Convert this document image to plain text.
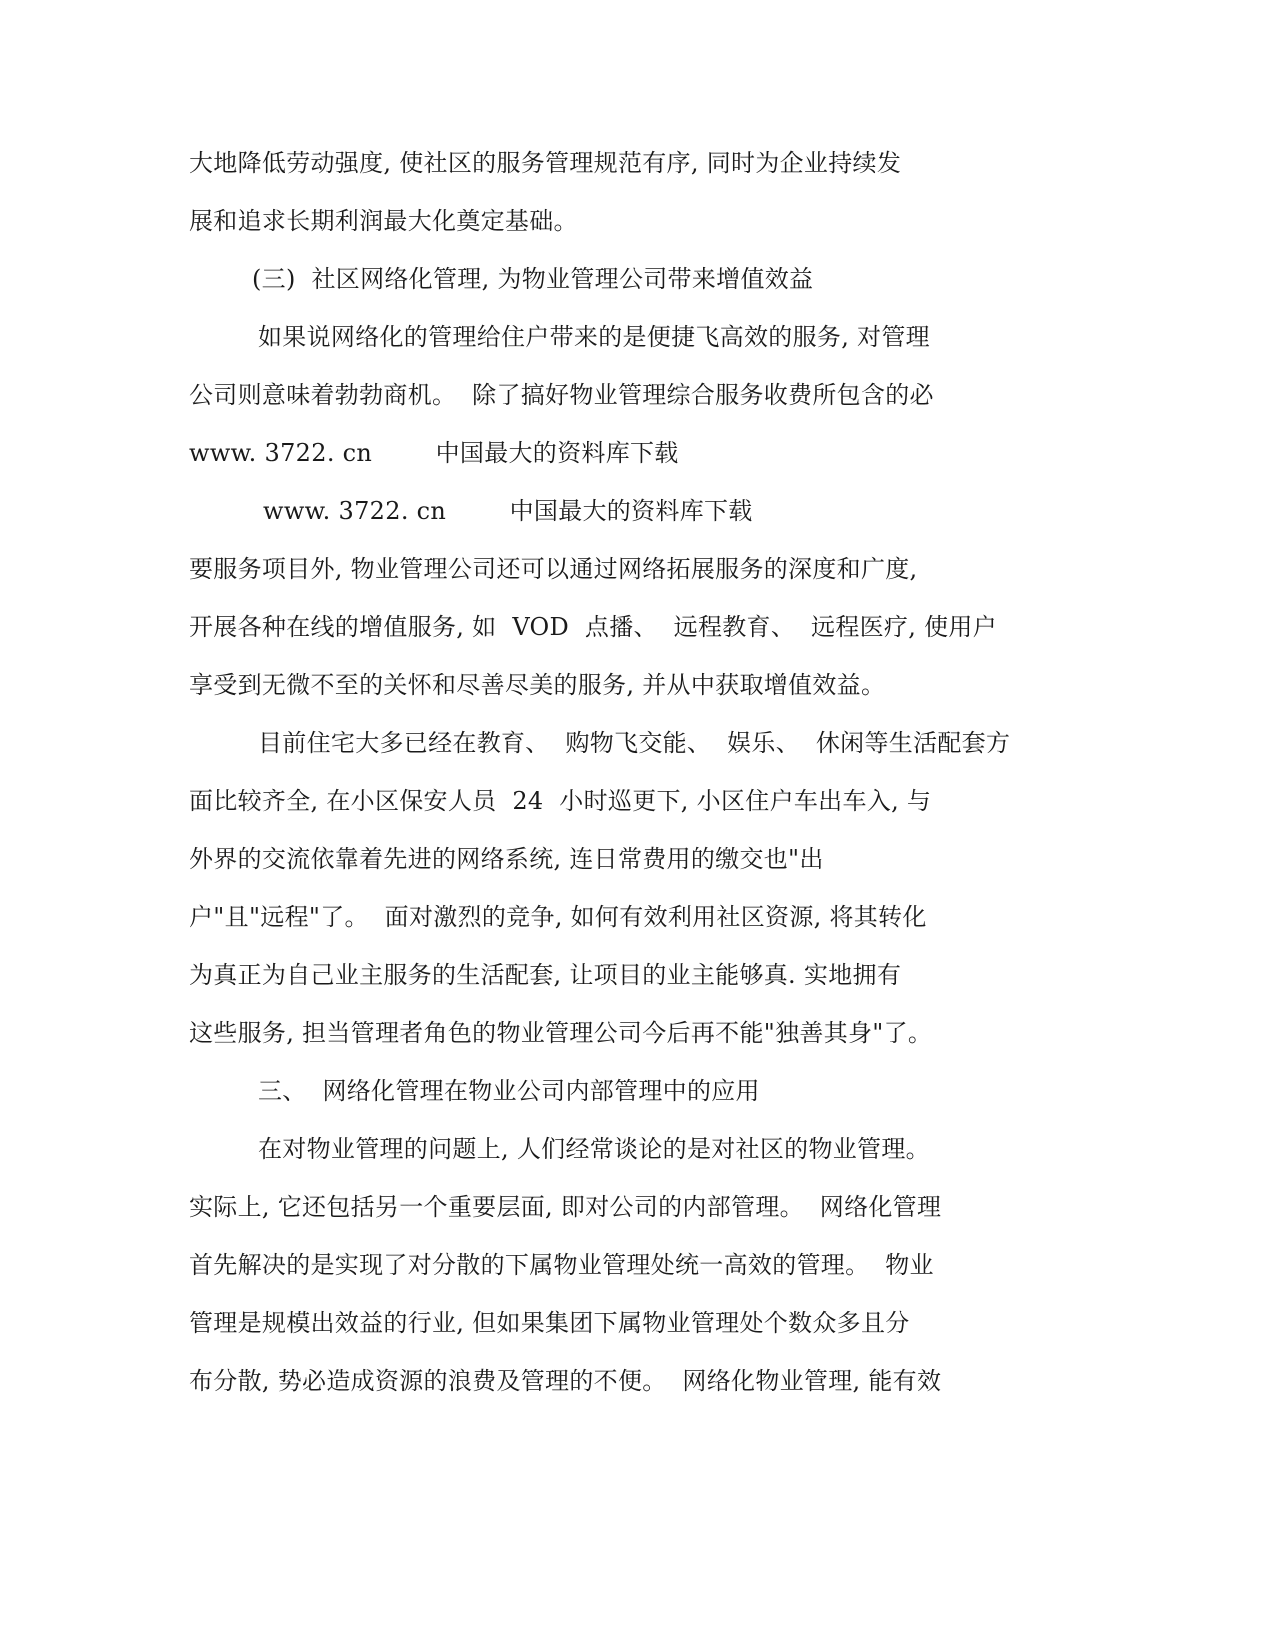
大地降低劳动强度, 使社区的服务管理规范有序, 同时为企业持续发
展和追求长期利润最大化奠定基础。
(三)  社区网络化管理, 为物业管理公司带来增值效益
如果说网络化的管理给住户带来的是便捷飞高效的服务, 对管理
公司则意味着勃勃商机。  除了搞好物业管理综合服务收费所包含的必
www. 3722. cn        中国最大的资料库下载
www. 3722. cn        中国最大的资料库下载
要服务项目外, 物业管理公司还可以通过网络拓展服务的深度和广度,
开展各种在线的增值服务, 如  VOD  点播、  远程教育、  远程医疗, 使用户
享受到无微不至的关怀和尽善尽美的服务, 并从中获取增值效益。
目前住宅大多已经在教育、  购物飞交能、  娱乐、  休闲等生活配套方
面比较齐全, 在小区保安人员  24  小时巡更下, 小区住户车出车入, 与
外界的交流依靠着先进的网络系统, 连日常费用的缴交也"出
户"且"远程"了。  面对激烈的竞争, 如何有效利用社区资源, 将其转化
为真正为自己业主服务的生活配套, 让项目的业主能够真. 实地拥有
这些服务, 担当管理者角色的物业管理公司今后再不能"独善其身"了。
三、  网络化管理在物业公司内部管理中的应用
在对物业管理的问题上, 人们经常谈论的是对社区的物业管理。
实际上, 它还包括另一个重要层面, 即对公司的内部管理。  网络化管理
首先解决的是实现了对分散的下属物业管理处统一高效的管理。  物业
管理是规模出效益的行业, 但如果集团下属物业管理处个数众多且分
布分散, 势必造成资源的浪费及管理的不便。  网络化物业管理, 能有效
